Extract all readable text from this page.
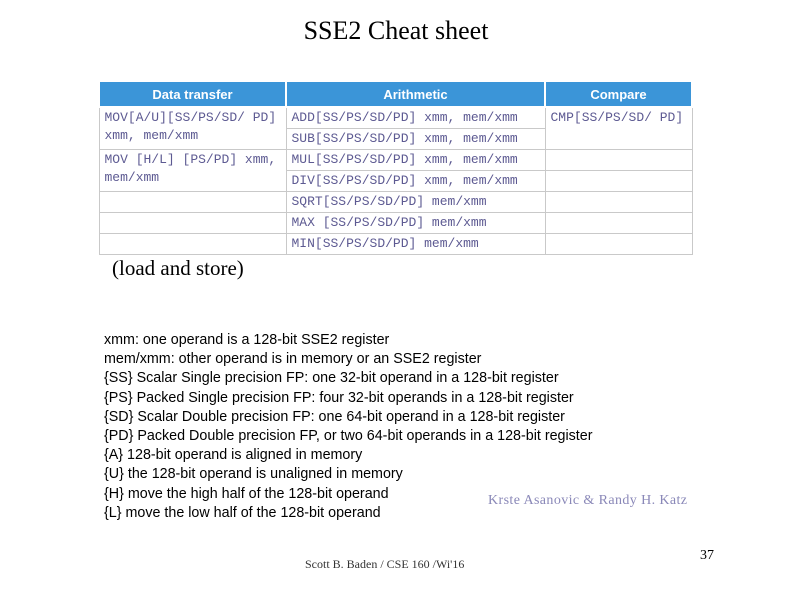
SSE2 Cheat sheet
Data transfer	Arithmetic	Compare
MOV[A/U][SS/PS/SD/ PD] xmm, mem/xmm	ADD[SS/PS/SD/PD] xmm, mem/xmm	CMP[SS/PS/SD/ PD]
	SUB[SS/PS/SD/PD] xmm, mem/xmm	
MOV [H/L] [PS/PD] xmm, mem/xmm	MUL[SS/PS/SD/PD] xmm, mem/xmm	
	DIV[SS/PS/SD/PD] xmm, mem/xmm	
	SQRT[SS/PS/SD/PD] mem/xmm	
	MAX [SS/PS/SD/PD] mem/xmm	
	MIN[SS/PS/SD/PD] mem/xmm	
(load and store)
xmm: one operand is a 128-bit SSE2 register
mem/xmm: other operand is in memory or an SSE2 register
{SS} Scalar Single precision FP: one 32-bit operand in a 128-bit register
{PS} Packed Single precision FP: four 32-bit operands in a 128-bit register
{SD} Scalar Double precision FP: one 64-bit operand in a 128-bit register
{PD} Packed Double precision FP, or two 64-bit operands in a 128-bit register
{A} 128-bit operand is aligned in memory
{U} the 128-bit operand is unaligned in memory
{H} move the high half of the 128-bit operand
{L} move the low half of the 128-bit operand
Krste Asanovic & Randy H. Katz
Scott B. Baden / CSE 160 /Wi'16
37
